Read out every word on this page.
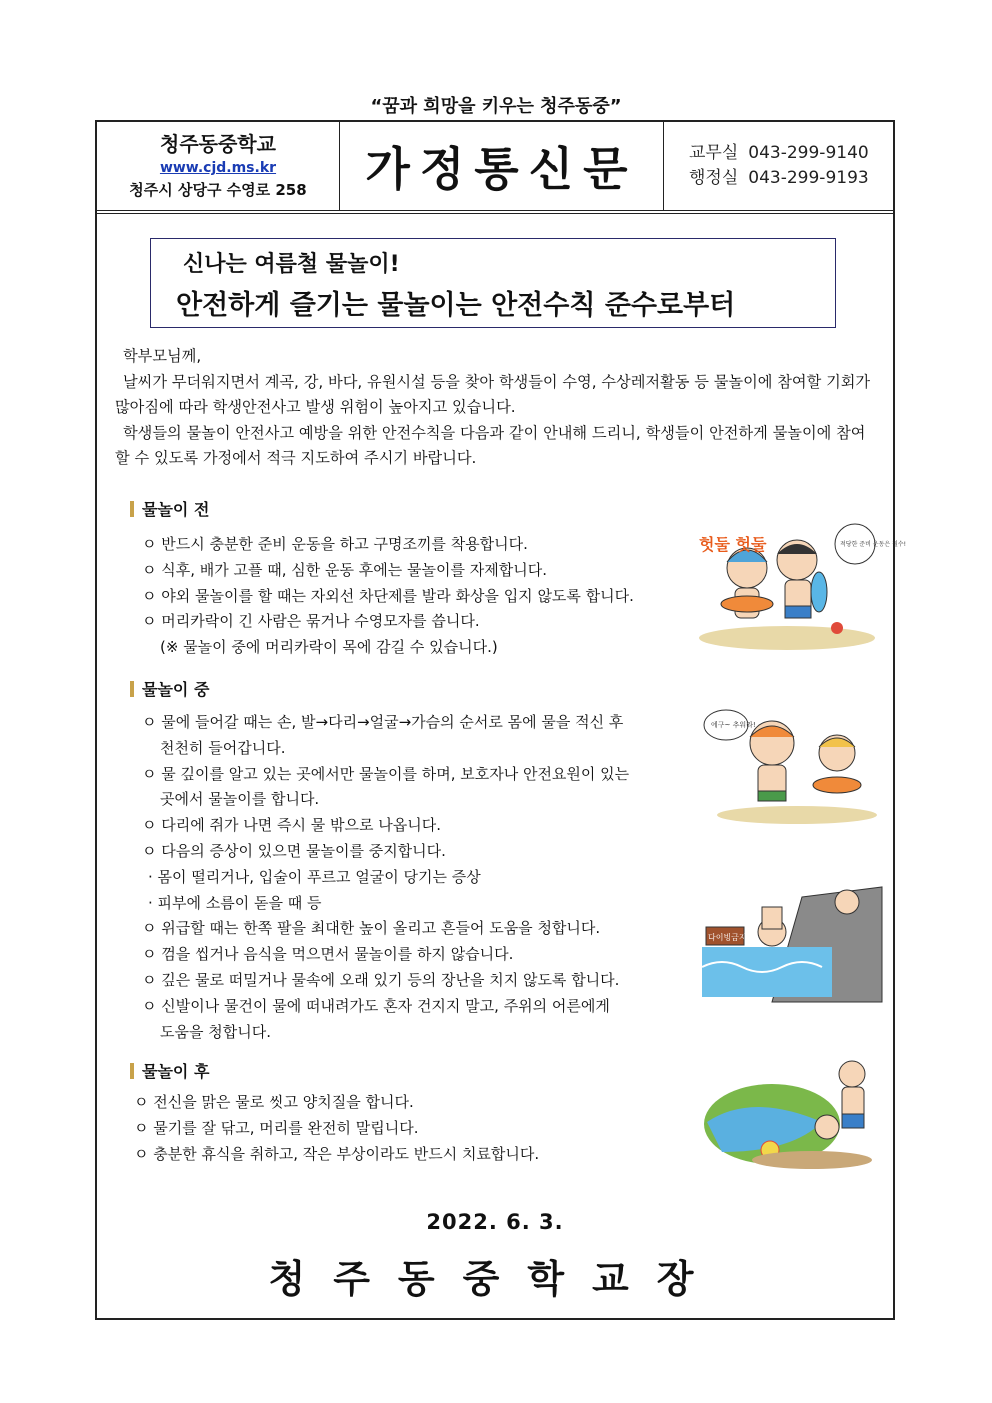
“꿈과 희망을 키우는 청주동중”
청주동중학교
www.cjd.ms.kr
청주시 상당구 수영로 258	가정통신문	교무실 043-299-9140
행정실 043-299-9193
신나는 여름철 물놀이!
안전하게 즐기는 물놀이는 안전수칙 준수로부터

학부모님께,

날씨가 무더워지면서 계곡, 강, 바다, 유원시설 등을 찾아 학생들이 수영, 수상레저활동 등 물놀이에 참여할 기회가

많아짐에 따라 학생안전사고 발생 위험이 높아지고 있습니다.

학생들의 물놀이 안전사고 예방을 위한 안전수칙을 다음과 같이 안내해 드리니, 학생들이 안전하게 물놀이에 참여

할 수 있도록 가정에서 적극 지도하여 주시기 바랍니다.

물놀이 전
ㅇ 반드시 충분한 준비 운동을 하고 구명조끼를 착용합니다.
ㅇ 식후, 배가 고플 때, 심한 운동 후에는 물놀이를 자제합니다.
ㅇ 야외 물놀이를 할 때는 자외선 차단제를 발라 화상을 입지 않도록 합니다.
ㅇ 머리카락이 긴 사람은 묶거나 수영모자를 씁니다.
(※ 물놀이 중에 머리카락이 목에 감길 수 있습니다.)
헛둘 헛둘	적당한 준비 운동은 필수!
물놀이 중
ㅇ 물에 들어갈 때는 손, 발→다리→얼굴→가슴의 순서로 몸에 물을 적신 후
천천히 들어갑니다.
ㅇ 물 깊이를 알고 있는 곳에서만 물놀이를 하며, 보호자나 안전요원이 있는
곳에서 물놀이를 합니다.
ㅇ 다리에 쥐가 나면 즉시 물 밖으로 나옵니다.
ㅇ 다음의 증상이 있으면 물놀이를 중지합니다.
· 몸이 떨리거나, 입술이 푸르고 얼굴이 당기는 증상
· 피부에 소름이 돋을 때 등
ㅇ 위급할 때는 한쪽 팔을 최대한 높이 올리고 흔들어 도움을 청합니다.
ㅇ 껌을 씹거나 음식을 먹으면서 물놀이를 하지 않습니다.
ㅇ 깊은 물로 떠밀거나 물속에 오래 있기 등의 장난을 치지 않도록 합니다.
ㅇ 신발이나 물건이 물에 떠내려가도 혼자 건지지 말고, 주위의 어른에게
도움을 청합니다.
에구~ 추워라!
다이빙금지
물놀이 후
ㅇ 전신을 맑은 물로 씻고 양치질을 합니다.
ㅇ 물기를 잘 닦고, 머리를 완전히 말립니다.
ㅇ 충분한 휴식을 취하고, 작은 부상이라도 반드시 치료합니다.
2022. 6. 3.
청주동중학교장
